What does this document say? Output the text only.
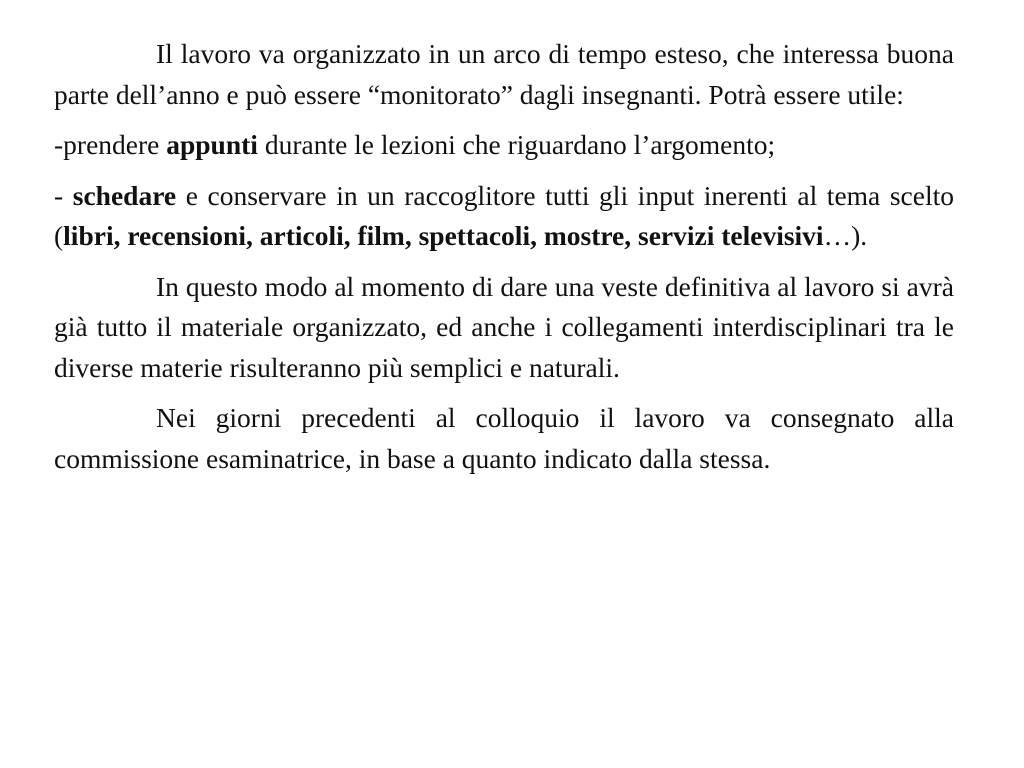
Il lavoro va organizzato in un arco di tempo esteso, che interessa buona parte dell’anno e può essere “monitorato” dagli insegnanti. Potrà essere utile:

-prendere appunti durante le lezioni che riguardano l’argomento;

- schedare e conservare in un raccoglitore tutti gli input inerenti al tema scelto (libri, recensioni, articoli, film, spettacoli, mostre, servizi televisivi…).

In questo modo al momento di dare una veste definitiva al lavoro si avrà già tutto il materiale organizzato, ed anche i collegamenti interdisciplinari tra le diverse materie risulteranno più semplici e naturali.

Nei giorni precedenti al colloquio il lavoro va consegnato alla commissione esaminatrice, in base a quanto indicato dalla stessa.
